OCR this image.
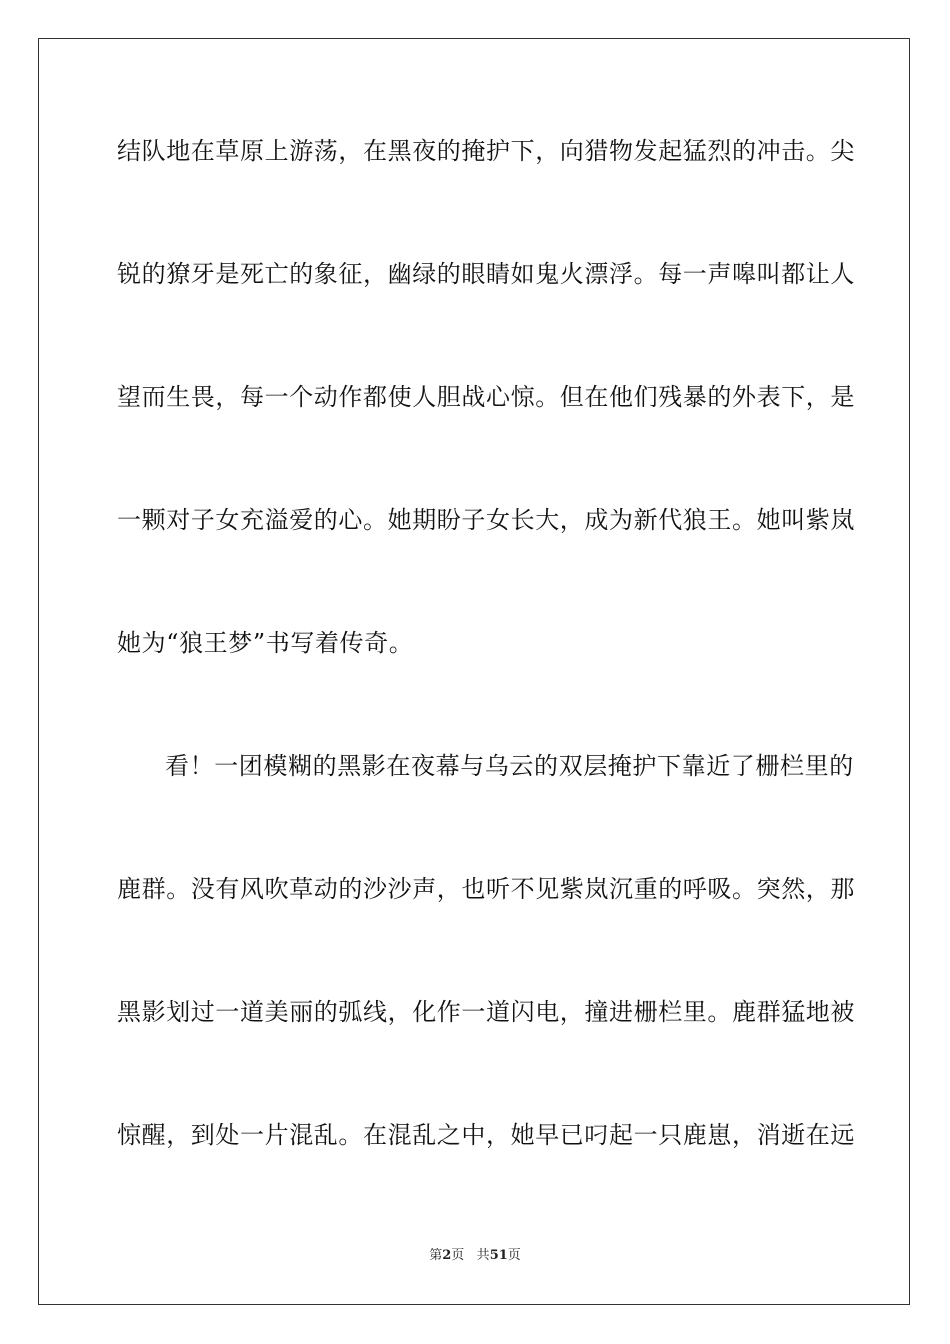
结队地在草原上游荡，在黑夜的掩护下，向猎物发起猛烈的冲击。尖
锐的獠牙是死亡的象征，幽绿的眼睛如鬼火漂浮。每一声嗥叫都让人
望而生畏，每一个动作都使人胆战心惊。但在他们残暴的外表下，是
一颗对子女充溢爱的心。她期盼子女长大，成为新代狼王。她叫紫岚
她为“狼王梦”书写着传奇。
看！一团模糊的黑影在夜幕与乌云的双层掩护下靠近了栅栏里的
鹿群。没有风吹草动的沙沙声，也听不见紫岚沉重的呼吸。突然，那
黑影划过一道美丽的弧线，化作一道闪电，撞进栅栏里。鹿群猛地被
惊醒，到处一片混乱。在混乱之中，她早已叼起一只鹿崽，消逝在远
第2页 共51页
